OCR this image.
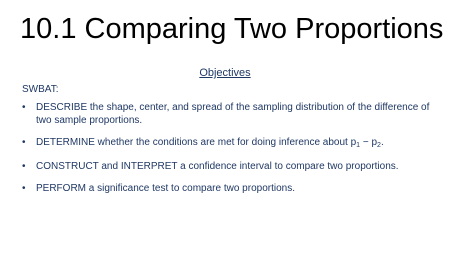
10.1 Comparing Two Proportions
Objectives
SWBAT:
• DESCRIBE the shape, center, and spread of the sampling distribution of the difference of two sample proportions.
• DETERMINE whether the conditions are met for doing inference about $p_1 - p_2$.
• CONSTRUCT and INTERPRET a confidence interval to compare two proportions.
• PERFORM a significance test to compare two proportions.
